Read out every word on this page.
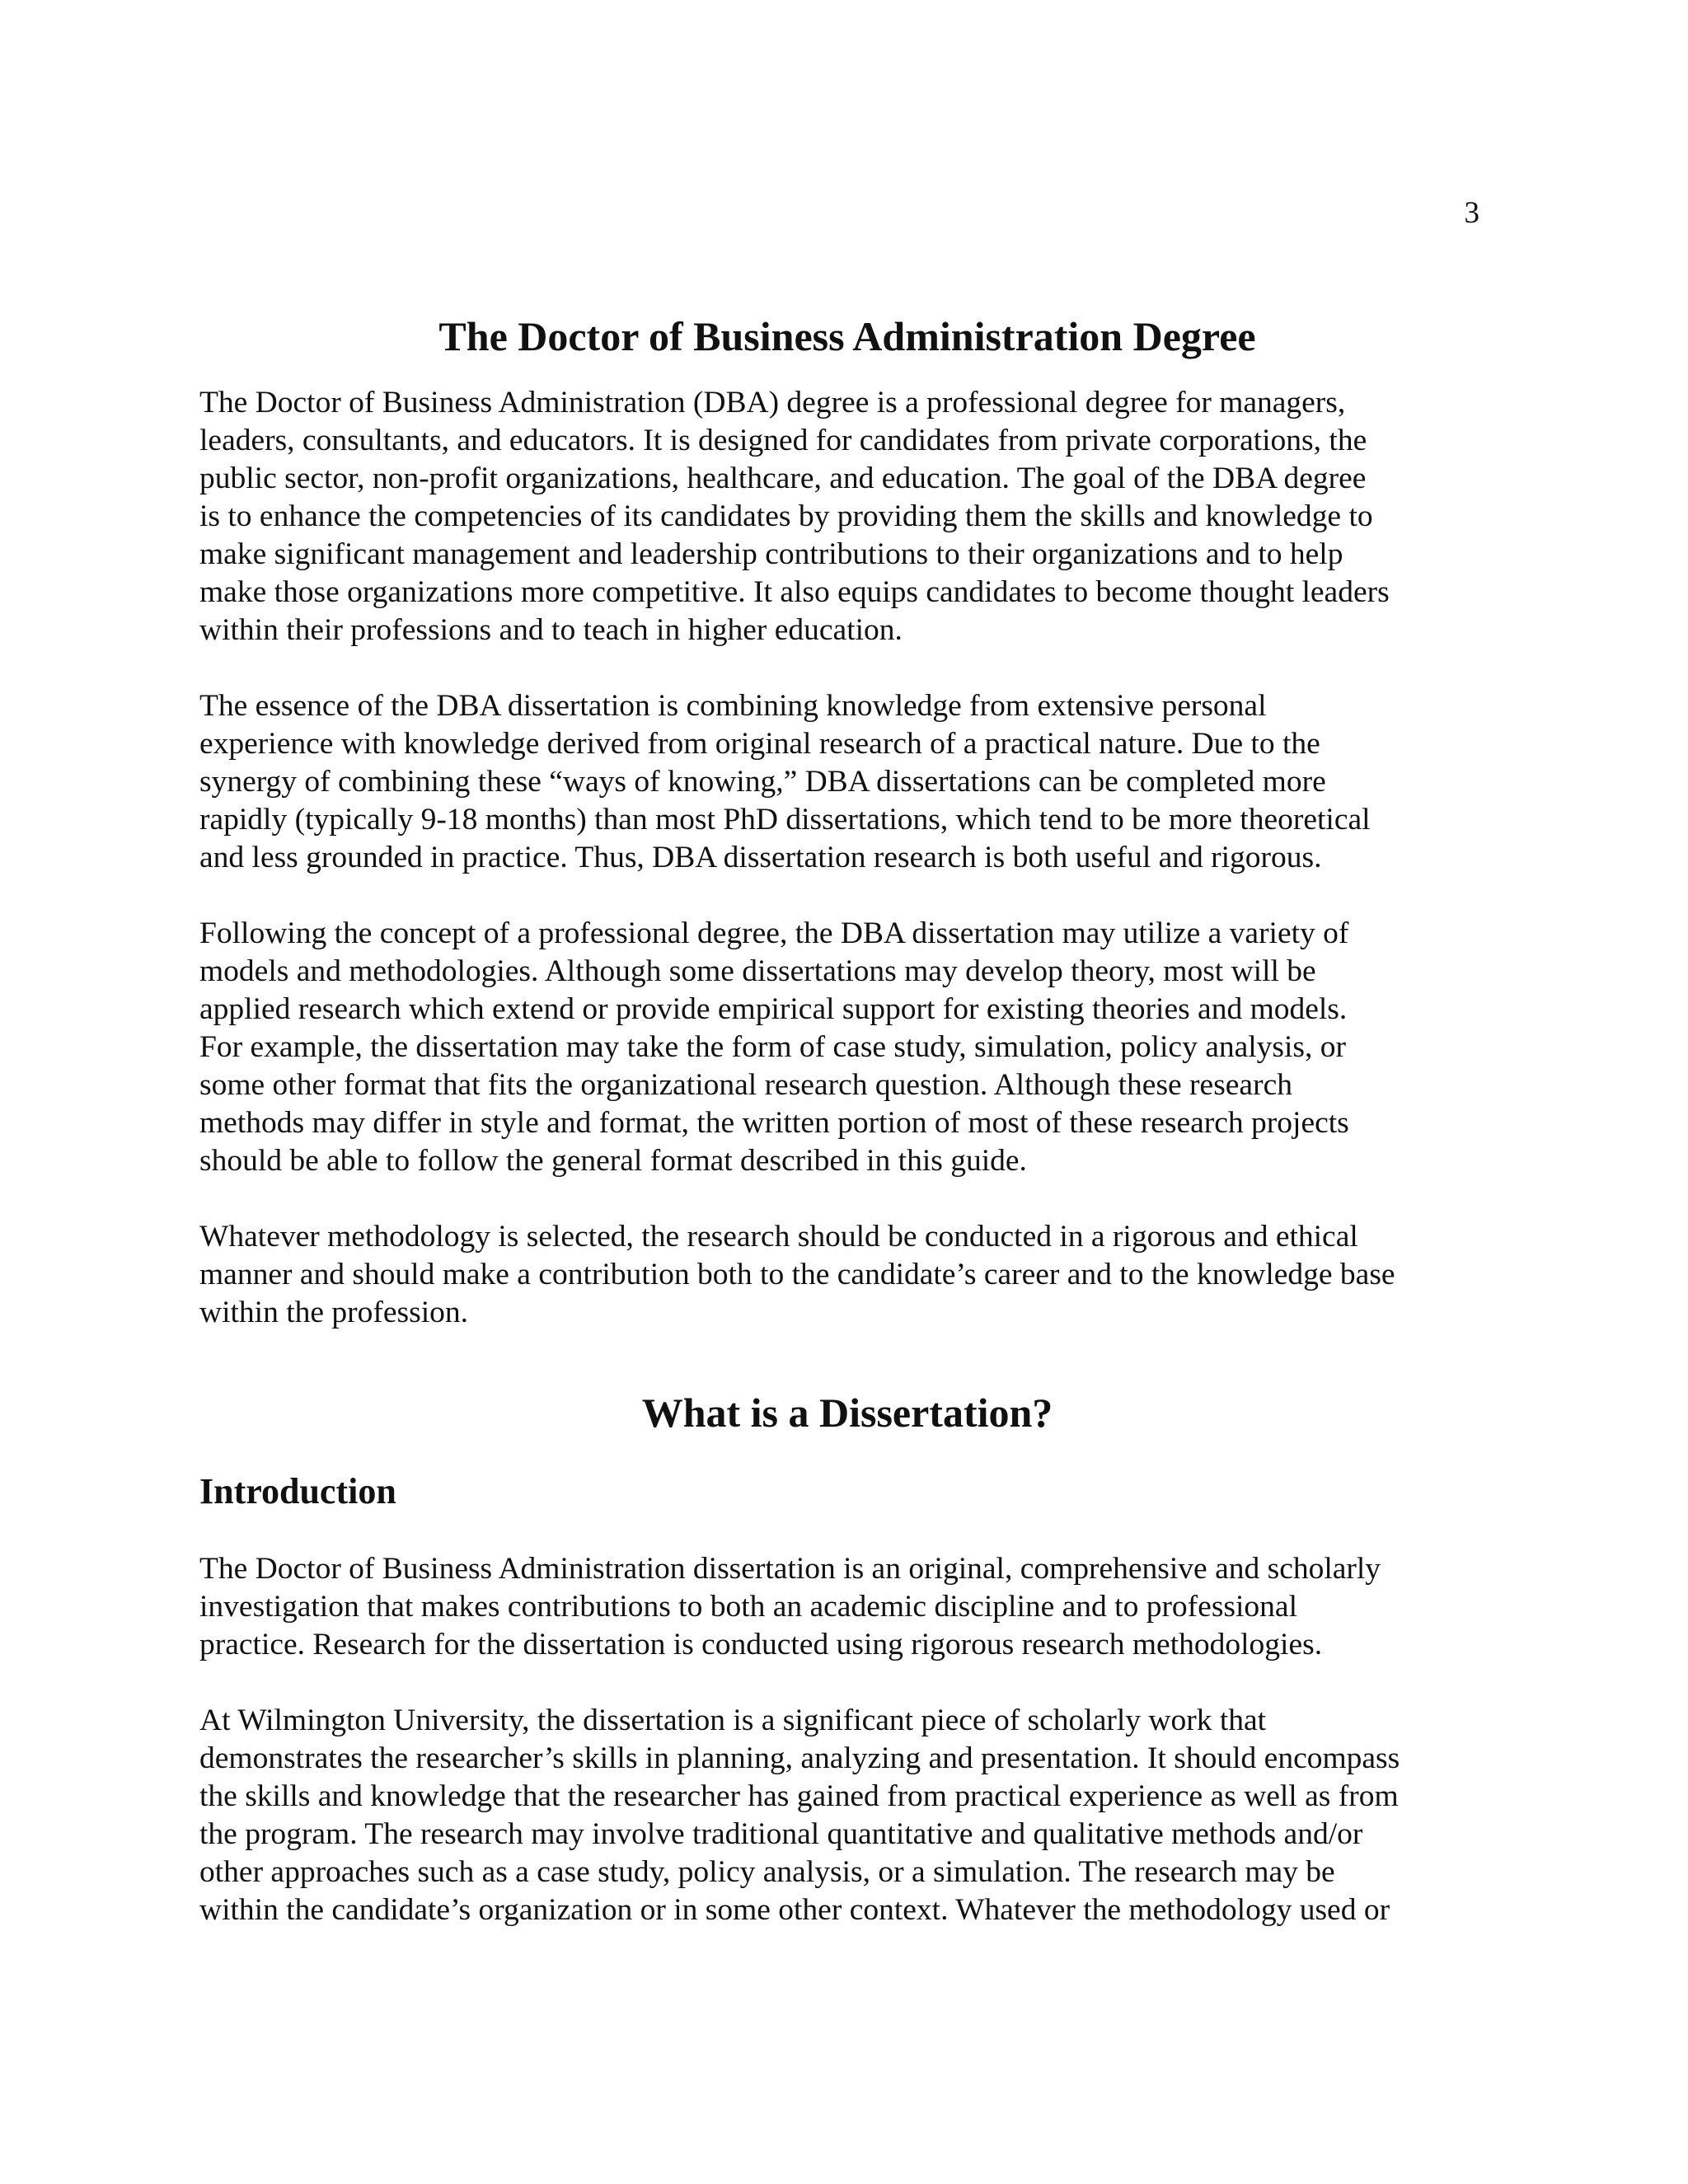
3
The Doctor of Business Administration Degree

The Doctor of Business Administration (DBA) degree is a professional degree for managers,
leaders, consultants, and educators. It is designed for candidates from private corporations, the
public sector, non-profit organizations, healthcare, and education. The goal of the DBA degree
is to enhance the competencies of its candidates by providing them the skills and knowledge to
make significant management and leadership contributions to their organizations and to help
make those organizations more competitive. It also equips candidates to become thought leaders
within their professions and to teach in higher education.

The essence of the DBA dissertation is combining knowledge from extensive personal
experience with knowledge derived from original research of a practical nature. Due to the
synergy of combining these “ways of knowing,” DBA dissertations can be completed more
rapidly (typically 9-18 months) than most PhD dissertations, which tend to be more theoretical
and less grounded in practice. Thus, DBA dissertation research is both useful and rigorous.

Following the concept of a professional degree, the DBA dissertation may utilize a variety of
models and methodologies. Although some dissertations may develop theory, most will be
applied research which extend or provide empirical support for existing theories and models.
For example, the dissertation may take the form of case study, simulation, policy analysis, or
some other format that fits the organizational research question. Although these research
methods may differ in style and format, the written portion of most of these research projects
should be able to follow the general format described in this guide.

Whatever methodology is selected, the research should be conducted in a rigorous and ethical
manner and should make a contribution both to the candidate’s career and to the knowledge base
within the profession.

What is a Dissertation?
Introduction

The Doctor of Business Administration dissertation is an original, comprehensive and scholarly
investigation that makes contributions to both an academic discipline and to professional
practice. Research for the dissertation is conducted using rigorous research methodologies.

At Wilmington University, the dissertation is a significant piece of scholarly work that
demonstrates the researcher’s skills in planning, analyzing and presentation. It should encompass
the skills and knowledge that the researcher has gained from practical experience as well as from
the program. The research may involve traditional quantitative and qualitative methods and/or
other approaches such as a case study, policy analysis, or a simulation. The research may be
within the candidate’s organization or in some other context. Whatever the methodology used or
